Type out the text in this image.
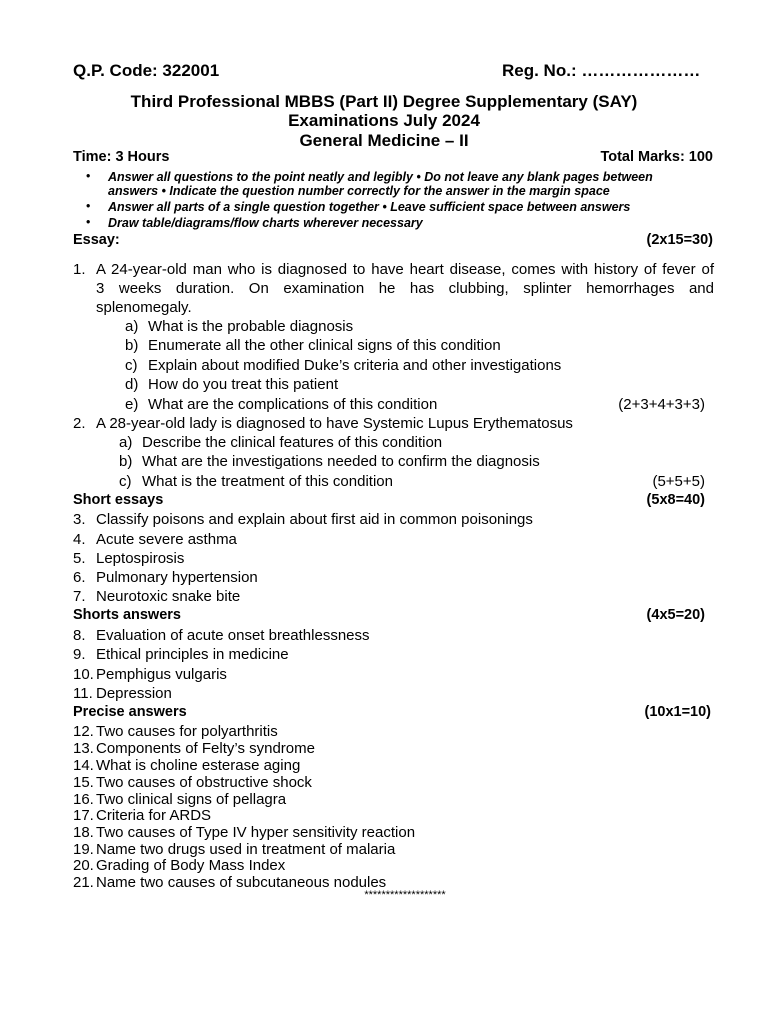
Q.P. Code: 322001	Reg. No.: …………………
Third Professional MBBS (Part II) Degree Supplementary (SAY)
Examinations July 2024
General Medicine – II
Time: 3 Hours	Total Marks: 100
• Answer all questions to the point neatly and legibly • Do not leave any blank pages between
answers • Indicate the question number correctly for the answer in the margin space
• Answer all parts of a single question together • Leave sufficient space between answers
• Draw table/diagrams/flow charts wherever necessary
Essay:	(2x15=30)
1. A 24-year-old man who is diagnosed to have heart disease, comes with history of fever of
3 weeks duration. On examination he has clubbing, splinter hemorrhages and
splenomegaly.
a) What is the probable diagnosis
b) Enumerate all the other clinical signs of this condition
c) Explain about modified Duke’s criteria and other investigations
d) How do you treat this patient
e) What are the complications of this condition	(2+3+4+3+3)
2. A 28-year-old lady is diagnosed to have Systemic Lupus Erythematosus
a) Describe the clinical features of this condition
b) What are the investigations needed to confirm the diagnosis
c) What is the treatment of this condition	(5+5+5)
Short essays	(5x8=40)
3. Classify poisons and explain about first aid in common poisonings
4. Acute severe asthma
5. Leptospirosis
6. Pulmonary hypertension
7. Neurotoxic snake bite
Shorts answers	(4x5=20)
8. Evaluation of acute onset breathlessness
9. Ethical principles in medicine
10. Pemphigus vulgaris
11. Depression
Precise answers	(10x1=10)
12. Two causes for polyarthritis
13. Components of Felty’s syndrome
14. What is choline esterase aging
15. Two causes of obstructive shock
16. Two clinical signs of pellagra
17. Criteria for ARDS
18. Two causes of Type IV hyper sensitivity reaction
19. Name two drugs used in treatment of malaria
20. Grading of Body Mass Index
21. Name two causes of subcutaneous nodules
*******************
